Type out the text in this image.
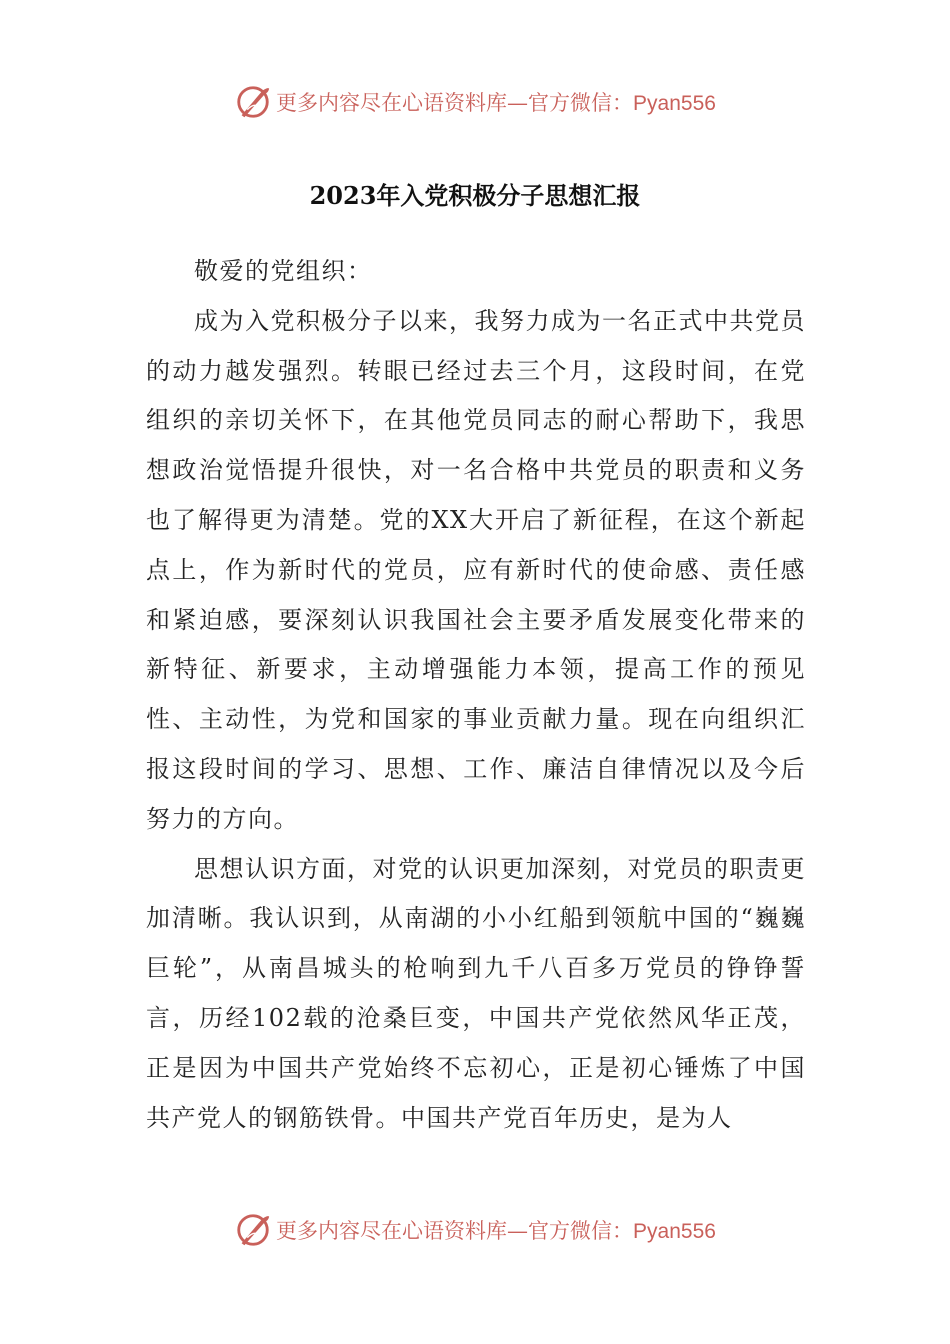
更多内容尽在心语资料库—官方微信：Pyan556
2023年入党积极分子思想汇报

敬爱的党组织：

成为入党积极分子以来，我努力成为一名正式中共党员的动力越发强烈。转眼已经过去三个月，这段时间，在党组织的亲切关怀下，在其他党员同志的耐心帮助下，我思想政治觉悟提升很快，对一名合格中共党员的职责和义务也了解得更为清楚。党的XX大开启了新征程，在这个新起点上，作为新时代的党员，应有新时代的使命感、责任感和紧迫感，要深刻认识我国社会主要矛盾发展变化带来的新特征、新要求，主动增强能力本领，提高工作的预见性、主动性，为党和国家的事业贡献力量。现在向组织汇报这段时间的学习、思想、工作、廉洁自律情况以及今后努力的方向。

思想认识方面，对党的认识更加深刻，对党员的职责更加清晰。我认识到，从南湖的小小红船到领航中国的“巍巍巨轮”，从南昌城头的枪响到九千八百多万党员的铮铮誓言，历经102载的沧桑巨变，中国共产党依然风华正茂，正是因为中国共产党始终不忘初心，正是初心锤炼了中国共产党人的钢筋铁骨。中国共产党百年历史，是为人

更多内容尽在心语资料库—官方微信：Pyan556
